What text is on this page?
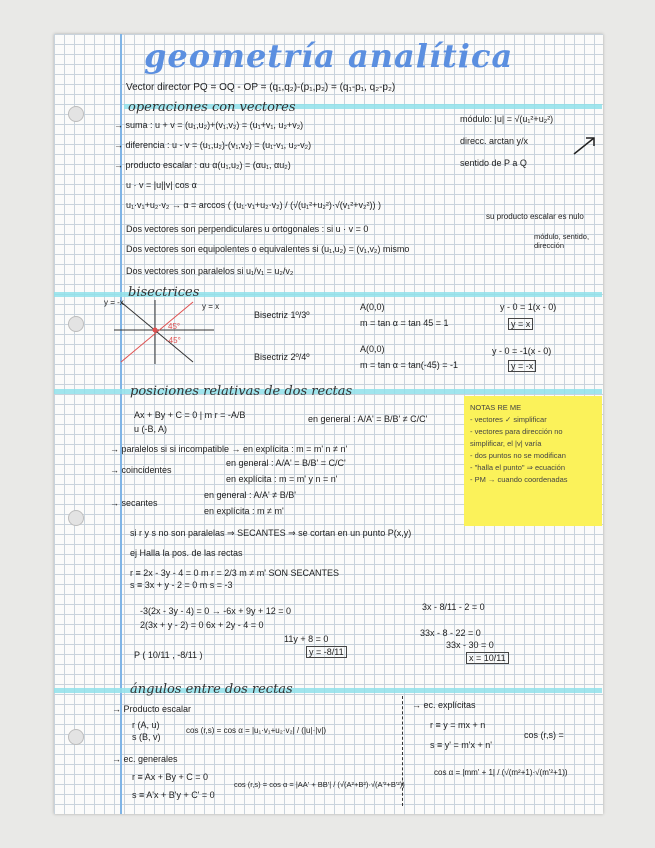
geometría analítica
Vector director PQ = OQ - OP = (q₁,q₂)-(p₁,p₂) = (q₁-p₁, q₂-p₂)
operaciones con vectores
→ suma : u + v = (u₁,u₂)+(v₁,v₂) = (u₁+v₁, u₂+v₂)
módulo: |u| = √(u₁²+u₂²)
→ diferencia : u - v = (u₁,u₂)-(v₁,v₂) = (u₁-v₁, u₂-v₂)	direcc. arctan y/x
→ producto escalar : αu α(u₁,u₂) = (αu₁, αu₂)	sentido de P a Q
u · v = |u||v| cos α
u₁·v₁+u₂·v₂ → α = arccos ( (u₁·v₁+u₂·v₂) / (√(u₁²+u₂²)·√(v₁²+v₂²)) )
Dos vectores son perpendiculares u ortogonales : si u · v = 0
su producto escalar es nulo
Dos vectores son equipolentes o equivalentes si (u₁,u₂) = (v₁,v₂) mismo
módulo, sentido, dirección
Dos vectores son paralelos si u₁/v₁ = u₂/v₂
bisectrices
y = -x	y = x
-45°
45°
Bisectriz 1º/3º
A(0,0)
m = tan α = tan 45 = 1
y - 0 = 1(x - 0)
y = x
Bisectriz 2º/4º
A(0,0)
m = tan α = tan(-45) = -1
y - 0 = -1(x - 0)
y = -x
posiciones relativas de dos rectas
NOTAS RE ME
- vectores ✓ simplificar
- vectores para dirección no simplificar, el |v| varía
- dos puntos no se modifican
- "halla el punto" ⇒ ecuación
- PM → cuando coordenadas
Ax + By + C = 0 | m r = -A/B
u (-B, A)
en general : A/A' = B/B' ≠ C/C'
→ paralelos si si incompatible → en explícita : m = m' n ≠ n'
en general : A/A' = B/B' = C/C'
→ coincidentes
en explícita : m = m' y n = n'
en general : A/A' ≠ B/B'
→ secantes
en explícita : m ≠ m'
si r y s no son paralelas ⇒ SECANTES ⇒ se cortan en un punto P(x,y)
ej Halla la pos. de las rectas
r ≡ 2x - 3y - 4 = 0 m r = 2/3 m ≠ m' SON SECANTES
s ≡ 3x + y - 2 = 0 m s = -3
-3(2x - 3y - 4) = 0 → -6x + 9y + 12 = 0
2(3x + y - 2) = 0 6x + 2y - 4 = 0
11y + 8 = 0
y = -8/11
3x - 8/11 - 2 = 0
33x - 8 - 22 = 0
33x - 30 = 0
x = 10/11
P ( 10/11 , -8/11 )
ángulos entre dos rectas
→ Producto escalar
r (A, u)
s (B, v)
cos (r,s) = cos α = |u₁·v₁+u₂·v₂| / (|u|·|v|)
→ ec. generales
r ≡ Ax + By + C = 0
s ≡ A'x + B'y + C' = 0
cos (r,s) = cos α = |AA' + BB'| / (√(A²+B²)·√(A'²+B'²))
→ ec. explícitas
r ≡ y = mx + n
s ≡ y' = m'x + n'
cos (r,s) =
cos α = |mm' + 1| / (√(m²+1)·√(m'²+1))
